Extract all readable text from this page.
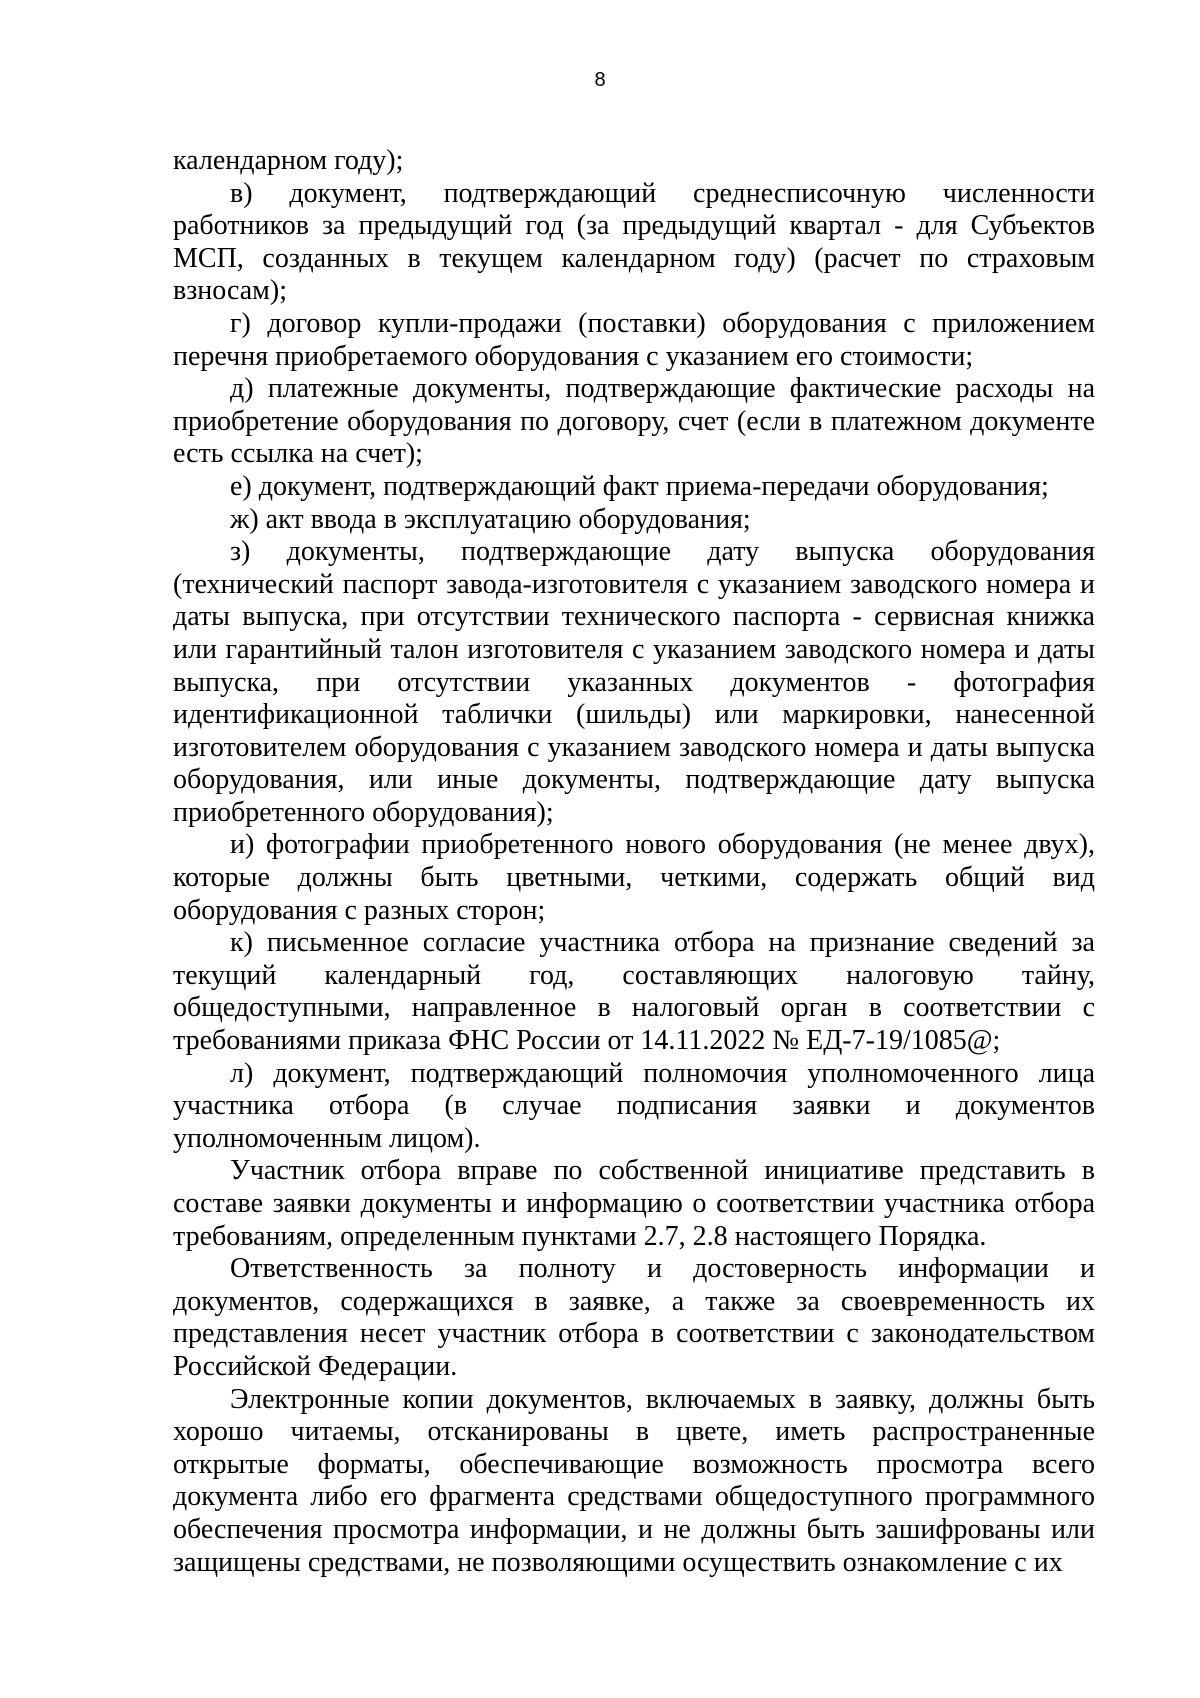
8

календарном году);

в) документ, подтверждающий среднесписочную численности работников за предыдущий год (за предыдущий квартал - для Субъектов МСП, созданных в текущем календарном году) (расчет по страховым взносам);

г) договор купли-продажи (поставки) оборудования с приложением перечня приобретаемого оборудования с указанием его стоимости;

д) платежные документы, подтверждающие фактические расходы на приобретение оборудования по договору, счет (если в платежном документе есть ссылка на счет);

е) документ, подтверждающий факт приема-передачи оборудования;

ж) акт ввода в эксплуатацию оборудования;

з) документы, подтверждающие дату выпуска оборудования (технический паспорт завода-изготовителя с указанием заводского номера и даты выпуска, при отсутствии технического паспорта - сервисная книжка или гарантийный талон изготовителя с указанием заводского номера и даты выпуска, при отсутствии указанных документов - фотография идентификационной таблички (шильды) или маркировки, нанесенной изготовителем оборудования с указанием заводского номера и даты выпуска оборудования, или иные документы, подтверждающие дату выпуска приобретенного оборудования);

и) фотографии приобретенного нового оборудования (не менее двух), которые должны быть цветными, четкими, содержать общий вид оборудования с разных сторон;

к) письменное согласие участника отбора на признание сведений за текущий календарный год, составляющих налоговую тайну, общедоступными, направленное в налоговый орган в соответствии с требованиями приказа ФНС России от 14.11.2022 № ЕД-7-19/1085@;

л) документ, подтверждающий полномочия уполномоченного лица участника отбора (в случае подписания заявки и документов уполномоченным лицом).

Участник отбора вправе по собственной инициативе представить в составе заявки документы и информацию о соответствии участника отбора требованиям, определенным пунктами 2.7, 2.8 настоящего Порядка.

Ответственность за полноту и достоверность информации и документов, содержащихся в заявке, а также за своевременность их представления несет участник отбора в соответствии с законодательством Российской Федерации.

Электронные копии документов, включаемых в заявку, должны быть хорошо читаемы, отсканированы в цвете, иметь распространенные открытые форматы, обеспечивающие возможность просмотра всего документа либо его фрагмента средствами общедоступного программного обеспечения просмотра информации, и не должны быть зашифрованы или защищены средствами, не позволяющими осуществить ознакомление с их
